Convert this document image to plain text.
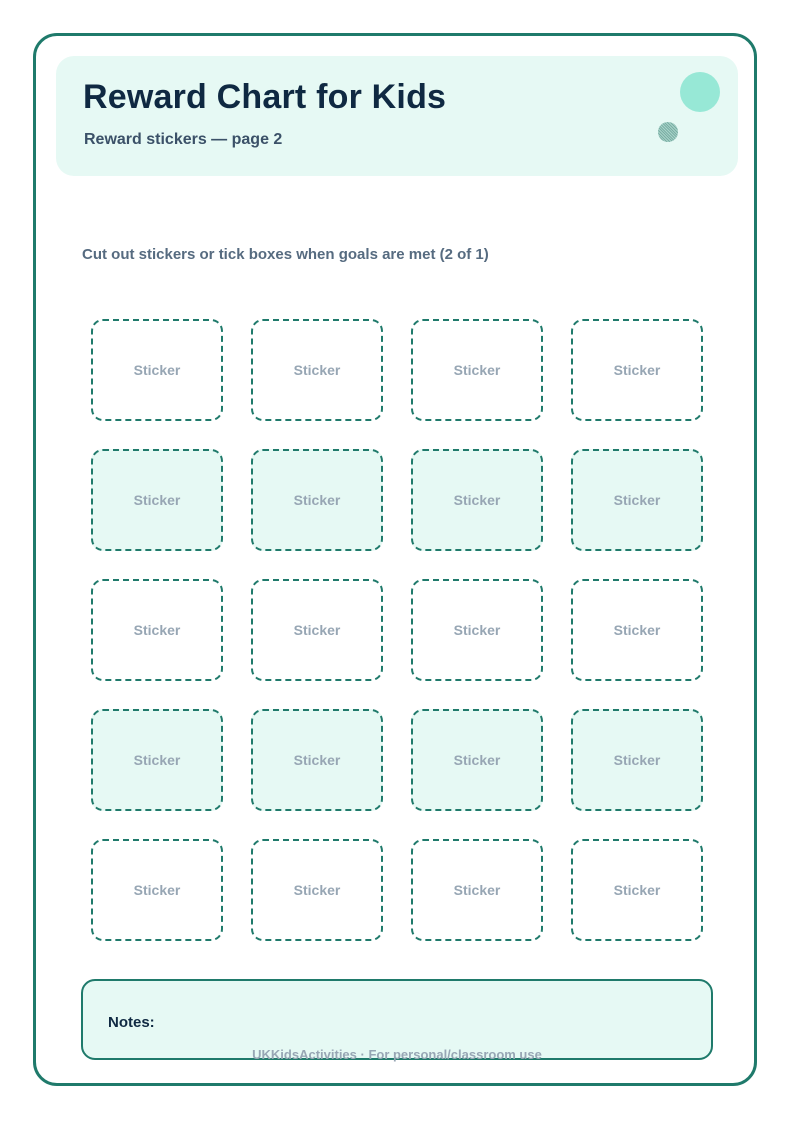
Reward Chart for Kids
Reward stickers — page 2
Cut out stickers or tick boxes when goals are met (2 of 1)
Sticker	Sticker	Sticker	Sticker
Sticker	Sticker	Sticker	Sticker
Sticker	Sticker	Sticker	Sticker
Sticker	Sticker	Sticker	Sticker
Sticker	Sticker	Sticker	Sticker
Notes:
UKKidsActivities · For personal/classroom use
